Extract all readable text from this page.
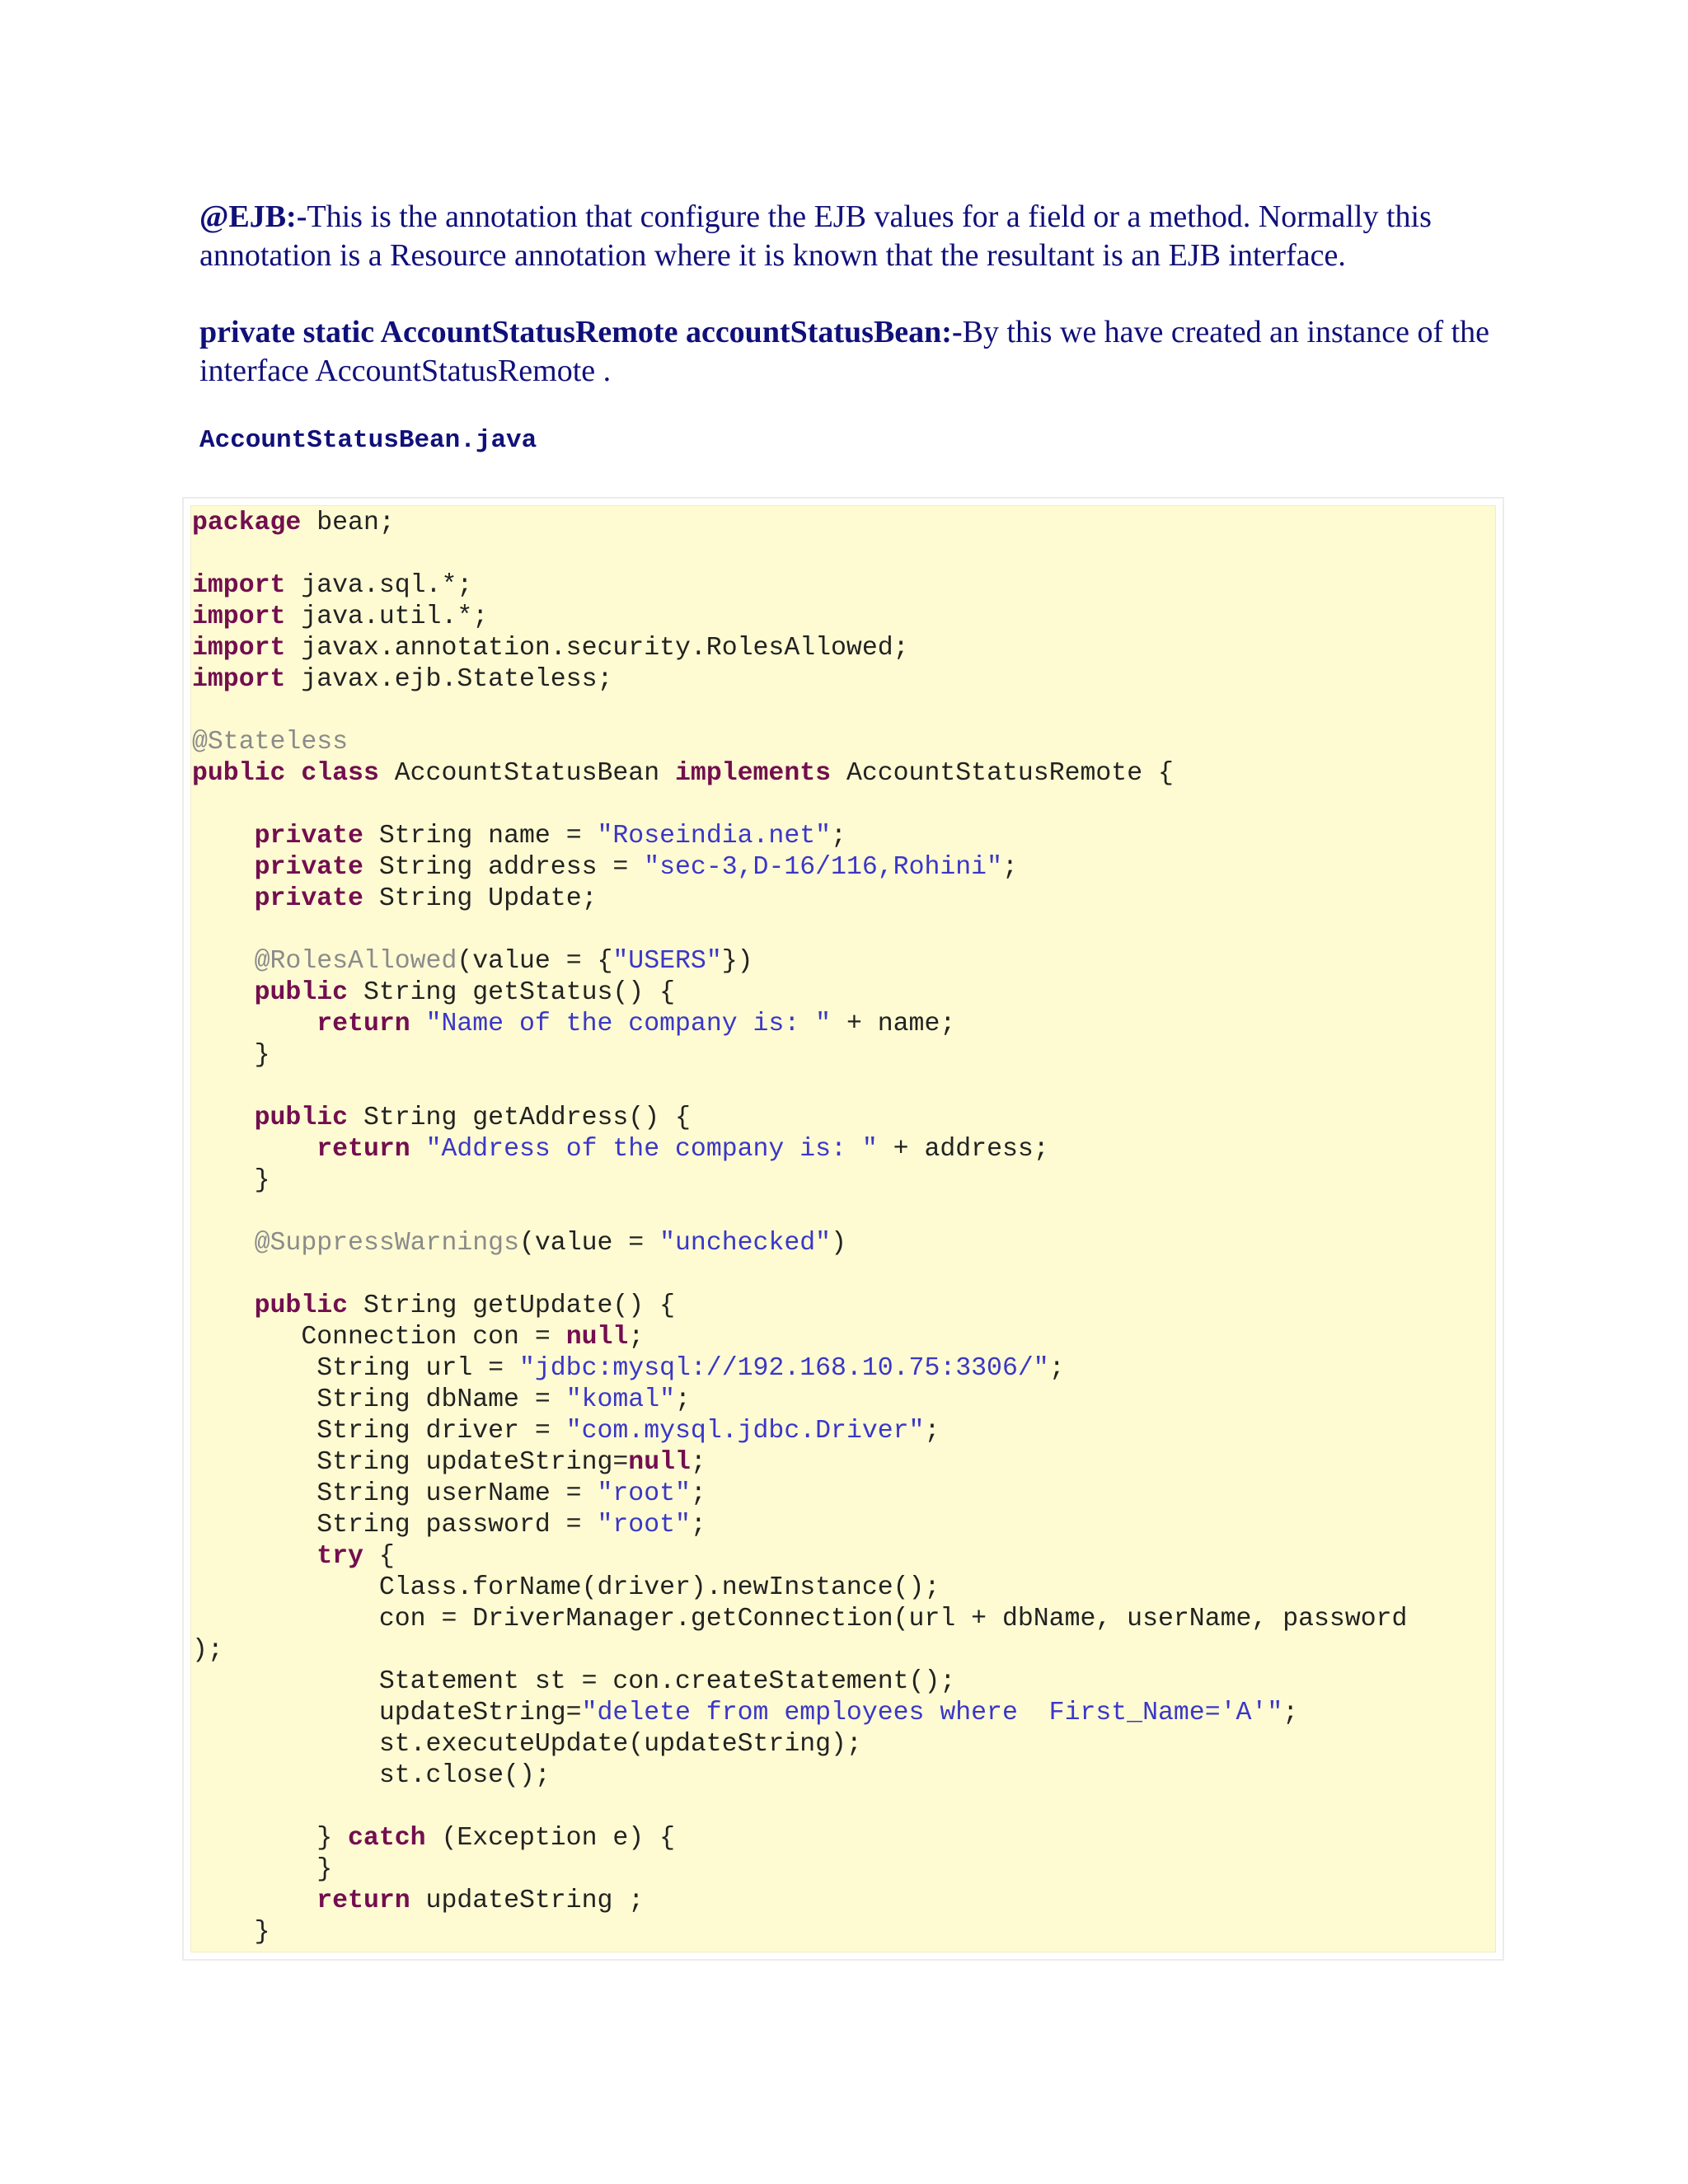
@EJB:-This is the annotation that configure the EJB values for a field or a method. Normally this annotation is a Resource annotation where it is known that the resultant is an EJB interface.

private static AccountStatusRemote accountStatusBean:-By this we have created an instance of the interface AccountStatusRemote .

AccountStatusBean.java
package bean;
import java.sql.*;
import java.util.*;
import javax.annotation.security.RolesAllowed;
import javax.ejb.Stateless;
@Stateless
public class AccountStatusBean implements AccountStatusRemote {
private String name = "Roseindia.net";
private String address = "sec-3,D-16/116,Rohini";
private String Update;
@RolesAllowed(value = {"USERS"})
public String getStatus() {
return "Name of the company is: " + name;
}
public String getAddress() {
return "Address of the company is: " + address;
}
@SuppressWarnings(value = "unchecked")
public String getUpdate() {
Connection con = null;
String url = "jdbc:mysql://192.168.10.75:3306/";
String dbName = "komal";
String driver = "com.mysql.jdbc.Driver";
String updateString=null;
String userName = "root";
String password = "root";
try {
Class.forName(driver).newInstance();
con = DriverManager.getConnection(url + dbName, userName, password
);
Statement st = con.createStatement();
updateString="delete from employees where  First_Name='A'";
st.executeUpdate(updateString);
st.close();
} catch (Exception e) {
}
return updateString ;
}
